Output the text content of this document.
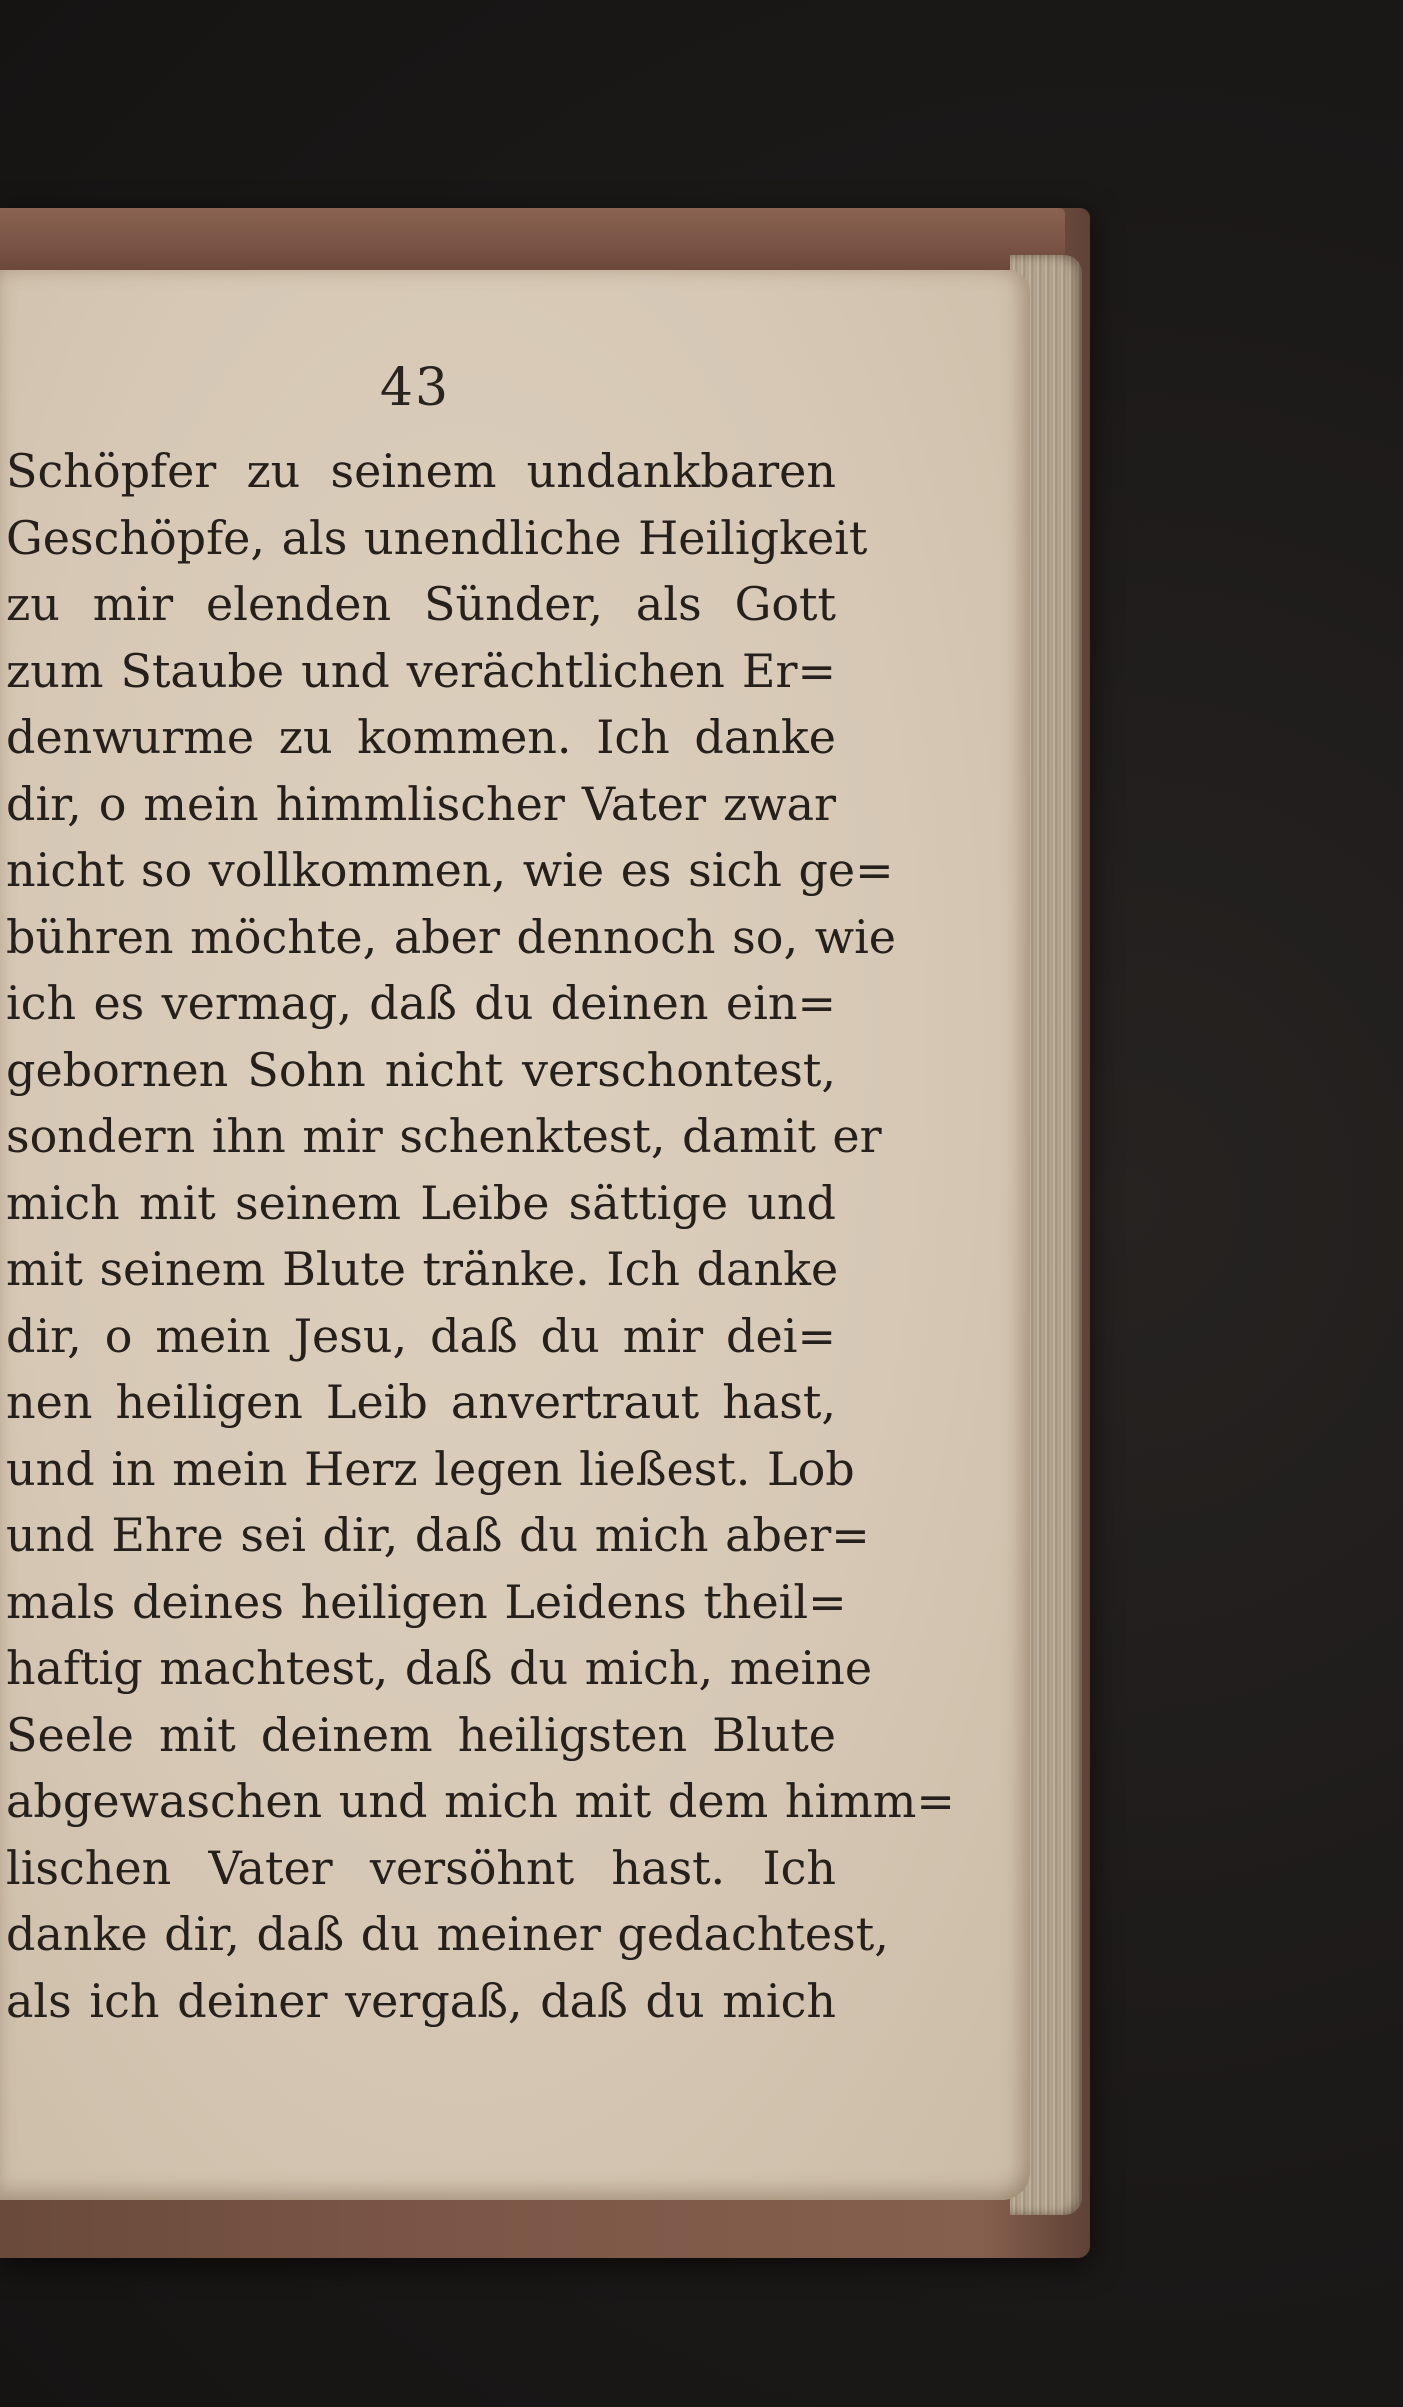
43
Schöpfer zu seinem undankbaren
Geschöpfe, als unendliche Heiligkeit
zu mir elenden Sünder, als Gott
zum Staube und verächtlichen Er=
denwurme zu kommen. Ich danke
dir, o mein himmlischer Vater zwar
nicht so vollkommen, wie es sich ge=
bühren möchte, aber dennoch so, wie
ich es vermag, daß du deinen ein=
gebornen Sohn nicht verschontest,
sondern ihn mir schenktest, damit er
mich mit seinem Leibe sättige und
mit seinem Blute tränke. Ich danke
dir, o mein Jesu, daß du mir dei=
nen heiligen Leib anvertraut hast,
und in mein Herz legen ließest. Lob
und Ehre sei dir, daß du mich aber=
mals deines heiligen Leidens theil=
haftig machtest, daß du mich, meine
Seele mit deinem heiligsten Blute
abgewaschen und mich mit dem himm=
lischen Vater versöhnt hast. Ich
danke dir, daß du meiner gedachtest,
als ich deiner vergaß, daß du mich
